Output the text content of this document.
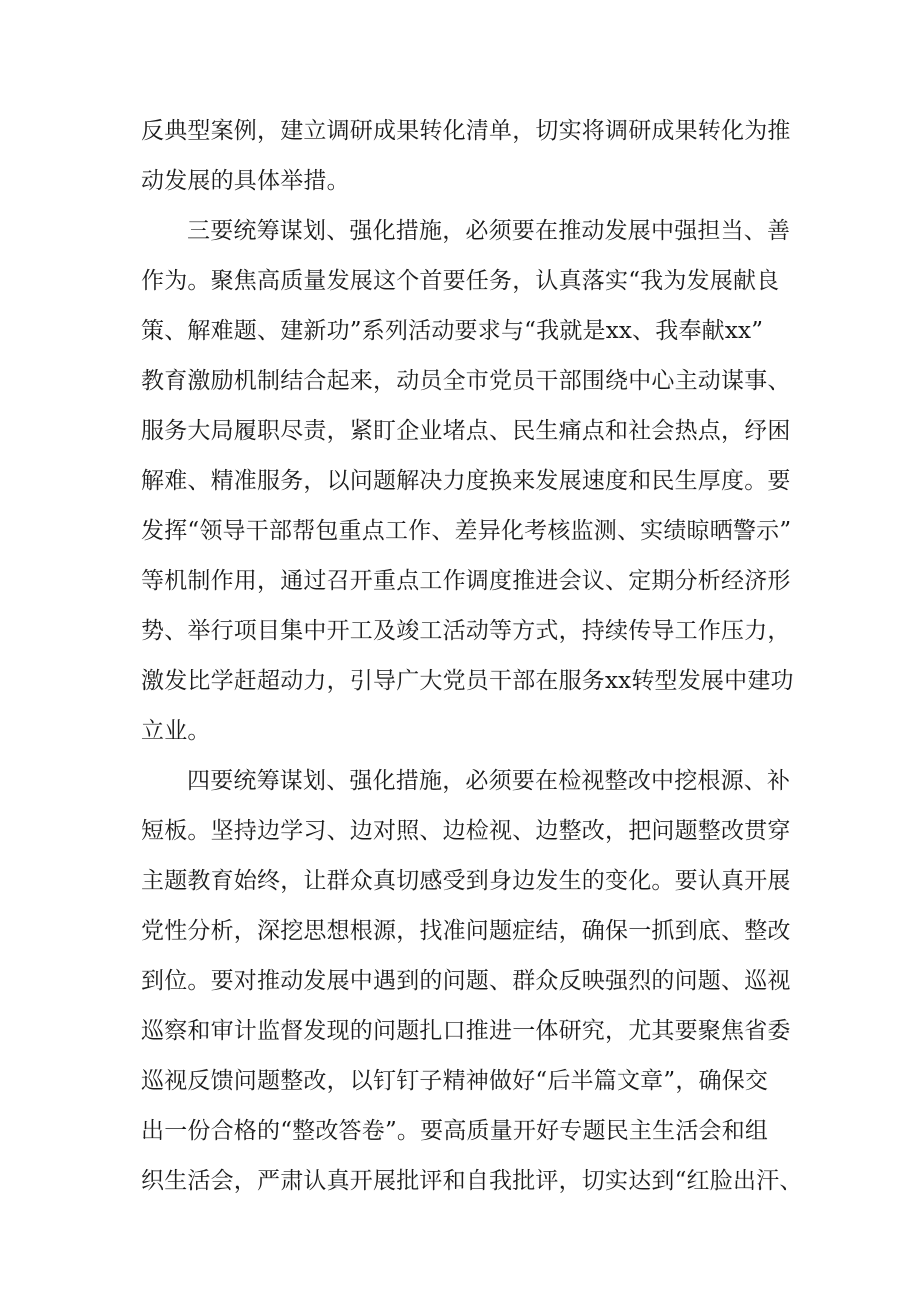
反典型案例，建立调研成果转化清单，切实将调研成果转化为推
动发展的具体举措。
三要统筹谋划、强化措施，必须要在推动发展中强担当、善
作为。聚焦高质量发展这个首要任务，认真落实“我为发展献良
策、解难题、建新功”系列活动要求与“我就是xx、我奉献xx”
教育激励机制结合起来，动员全市党员干部围绕中心主动谋事、
服务大局履职尽责，紧盯企业堵点、民生痛点和社会热点，纾困
解难、精准服务，以问题解决力度换来发展速度和民生厚度。要
发挥“领导干部帮包重点工作、差异化考核监测、实绩晾晒警示”
等机制作用，通过召开重点工作调度推进会议、定期分析经济形
势、举行项目集中开工及竣工活动等方式，持续传导工作压力，
激发比学赶超动力，引导广大党员干部在服务xx转型发展中建功
立业。
四要统筹谋划、强化措施，必须要在检视整改中挖根源、补
短板。坚持边学习、边对照、边检视、边整改，把问题整改贯穿
主题教育始终，让群众真切感受到身边发生的变化。要认真开展
党性分析，深挖思想根源，找准问题症结，确保一抓到底、整改
到位。要对推动发展中遇到的问题、群众反映强烈的问题、巡视
巡察和审计监督发现的问题扎口推进一体研究，尤其要聚焦省委
巡视反馈问题整改，以钉钉子精神做好“后半篇文章”，确保交
出一份合格的“整改答卷”。要高质量开好专题民主生活会和组
织生活会，严肃认真开展批评和自我批评，切实达到“红脸出汗、
